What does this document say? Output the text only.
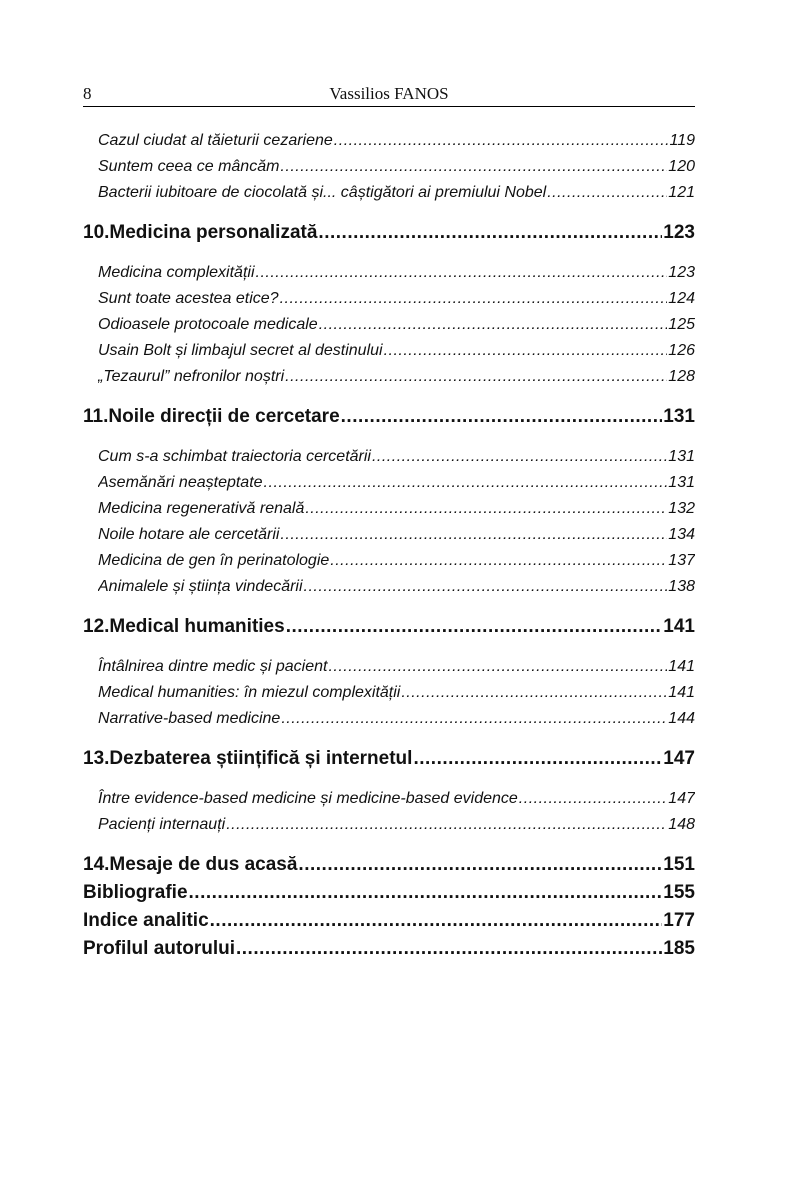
8	Vassilios FANOS
Cazul ciudat al tăieturii cezariene .....	119
Suntem ceea ce mâncăm .....	120
Bacterii iubitoare de ciocolată și... câștigători ai premiului Nobel .....	121
10.Medicina personalizată .....	123
Medicina complexității .....	123
Sunt toate acestea etice? .....	124
Odioasele protocoale medicale .....	125
Usain Bolt și limbajul secret al destinului .....	126
„Tezaurul” nefronilor noștri .....	128
11.Noile direcții de cercetare .....	131
Cum s-a schimbat traiectoria cercetării .....	131
Asemănări neașteptate .....	131
Medicina regenerativă renală .....	132
Noile hotare ale cercetării .....	134
Medicina de gen în perinatologie .....	137
Animalele și știința vindecării .....	138
12.Medical humanities .....	141
Întâlnirea dintre medic și pacient .....	141
Medical humanities: în miezul complexității .....	141
Narrative-based medicine .....	144
13.Dezbaterea științifică și internetul .....	147
Între evidence-based medicine și medicine-based evidence .....	147
Pacienți internauți .....	148
14.Mesaje de dus acasă .....	151
Bibliografie .....	155
Indice analitic .....	177
Profilul autorului .....	185
